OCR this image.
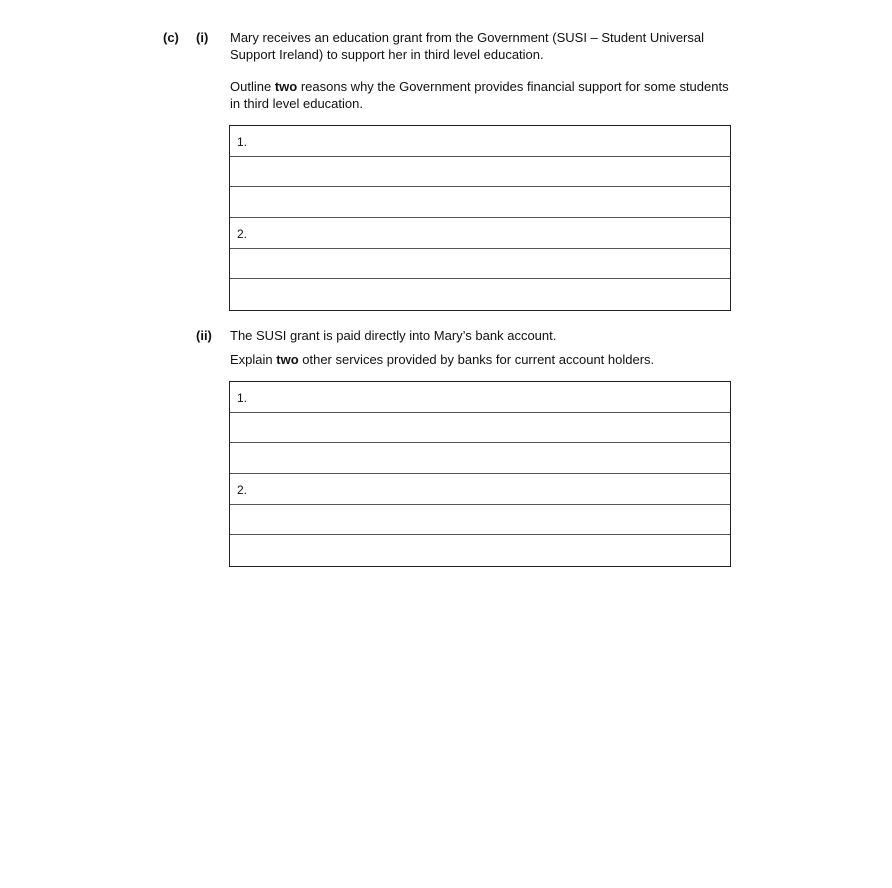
(c) (i) Mary receives an education grant from the Government (SUSI – Student Universal Support Ireland) to support her in third level education.
Outline two reasons why the Government provides financial support for some students in third level education.
1.
2.
(ii) The SUSI grant is paid directly into Mary’s bank account.
Explain two other services provided by banks for current account holders.
1.
2.
